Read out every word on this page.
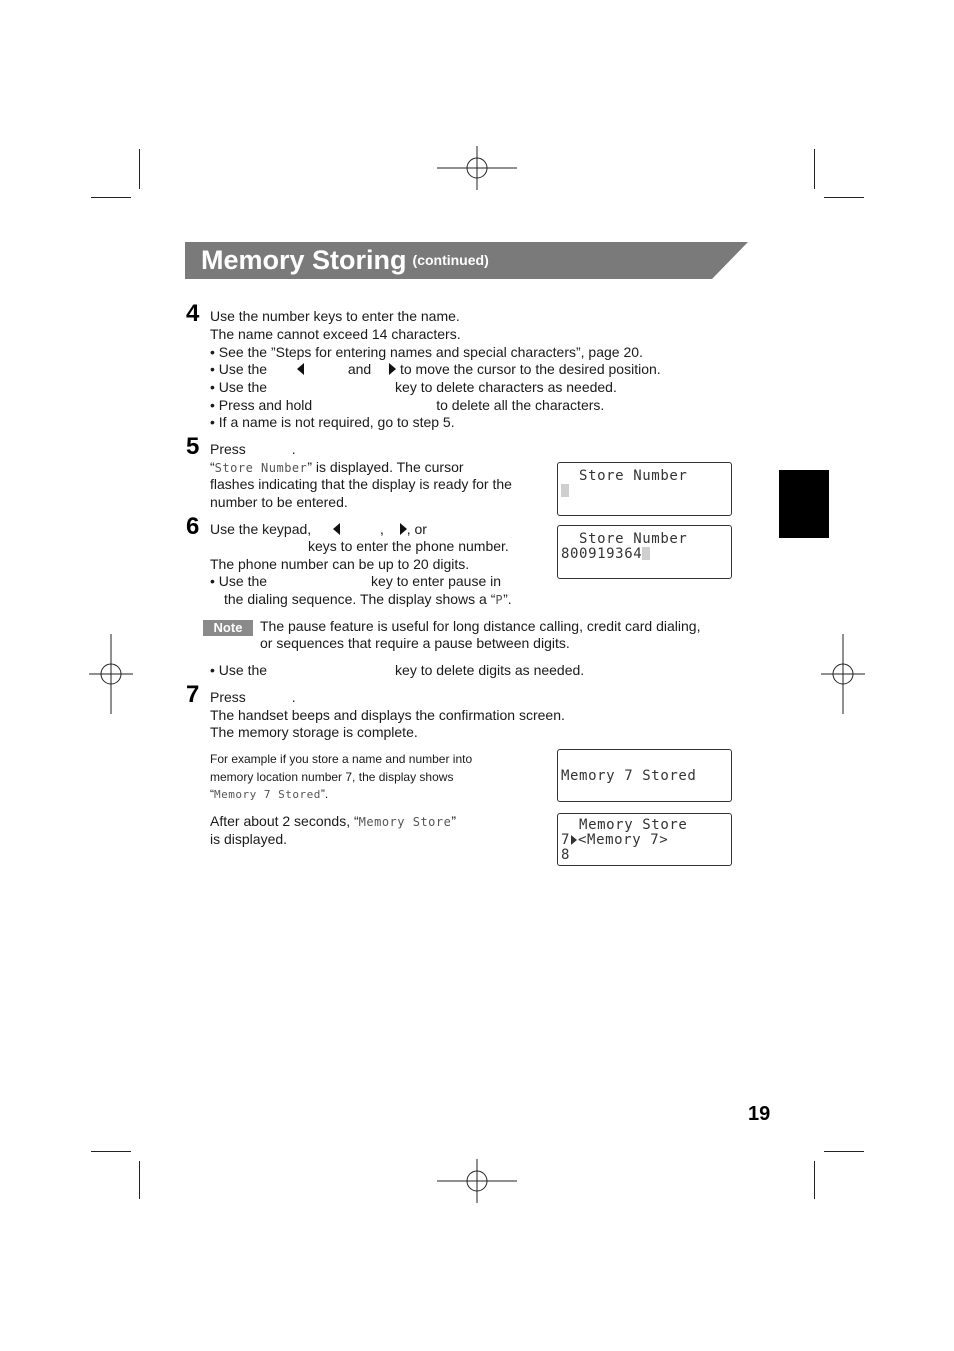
Memory Storing (continued)
4 Use the number keys to enter the name.
The name cannot exceed 14 characters.
• See the ”Steps for entering names and special characters”, page 20.
• Use the	and to move the cursor to the desired position.
• Use the	key to delete characters as needed.
• Press and hold	to delete all the characters.
• If a name is not required, go to step 5.
5 Press	.
“Store Number” is displayed. The cursor
flashes indicating that the display is ready for the
number to be entered.
Store Number
6 Use the keypad,	, , or
keys to enter the phone number.
The phone number can be up to 20 digits.
• Use the	key to enter pause in
the dialing sequence. The display shows a “P”.
Store Number
800919364
Note	The pause feature is useful for long distance calling, credit card dialing,
or sequences that require a pause between digits.
• Use the	key to delete digits as needed.
7 Press	.
The handset beeps and displays the confirmation screen.
The memory storage is complete.
For example if you store a name and number into
memory location number 7, the display shows
“Memory 7 Stored”.
After about 2 seconds, “Memory Store”
is displayed.
Memory 7 Stored
Memory Store
7 <Memory 7>
8
19
